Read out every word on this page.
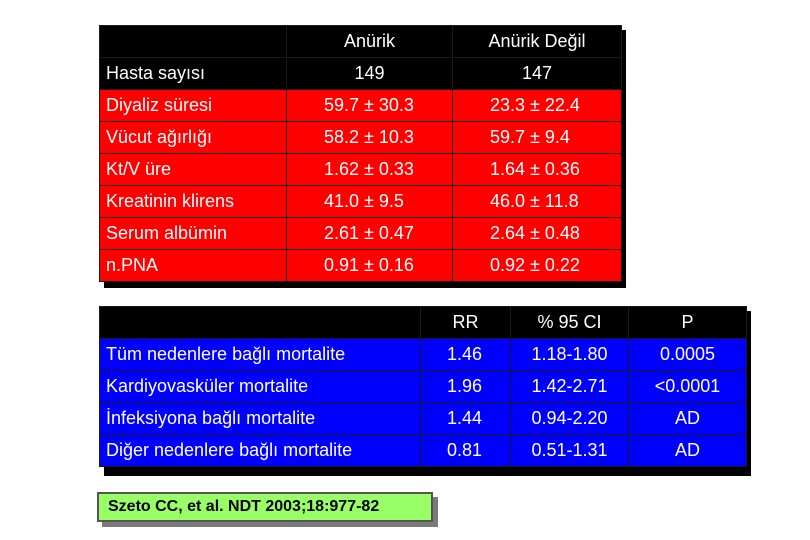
	Anürik	Anürik Değil
Hasta sayısı	149	147
Diyaliz süresi	59.7 ± 30.3	23.3 ± 22.4
Vücut ağırlığı	58.2 ± 10.3	59.7 ± 9.4
Kt/V üre	1.62 ± 0.33	1.64 ± 0.36
Kreatinin klirens	41.0 ± 9.5	46.0 ± 11.8
Serum albümin	2.61 ± 0.47	2.64 ± 0.48
n.PNA	0.91 ± 0.16	0.92 ± 0.22
	RR	% 95 CI	P
Tüm nedenlere bağlı mortalite	1.46	1.18-1.80	0.0005
Kardiyovasküler mortalite	1.96	1.42-2.71	<0.0001
İnfeksiyona bağlı mortalite	1.44	0.94-2.20	AD
Diğer nedenlere bağlı mortalite	0.81	0.51-1.31	AD
Szeto CC, et al. NDT 2003;18:977-82
